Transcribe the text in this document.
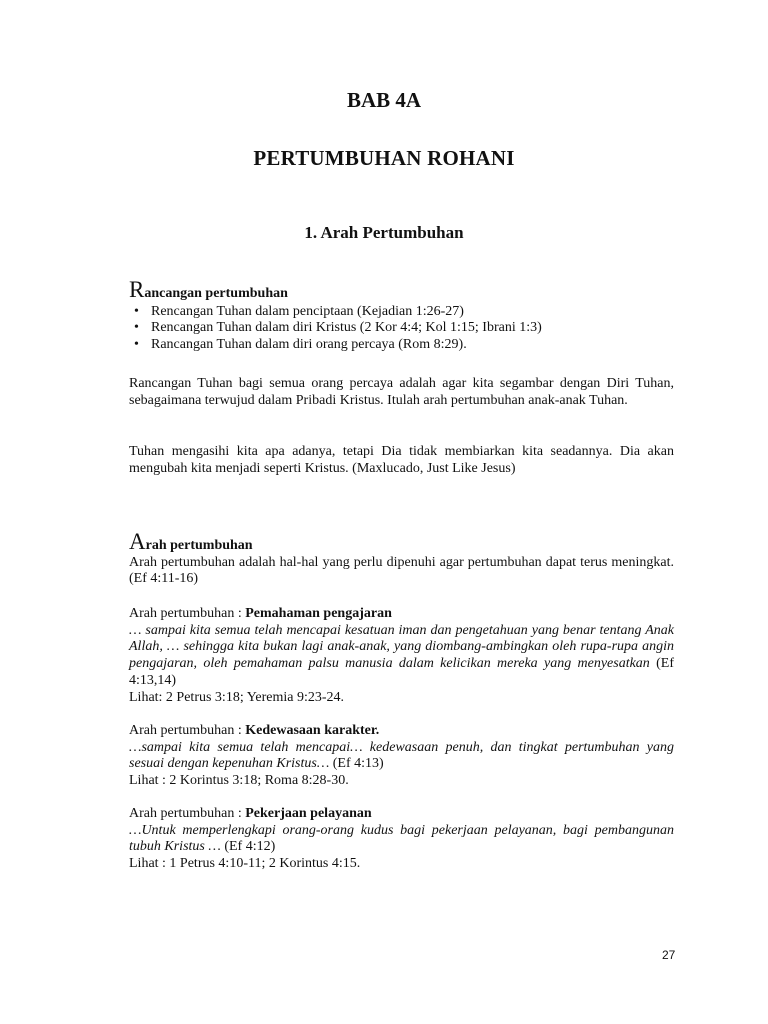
BAB 4A
PERTUMBUHAN ROHANI
1. Arah Pertumbuhan
Rancangan pertumbuhan
• Rencangan Tuhan dalam penciptaan (Kejadian 1:26-27)
• Rencangan Tuhan dalam diri Kristus (2 Kor 4:4; Kol 1:15; Ibrani 1:3)
• Rancangan Tuhan dalam diri orang percaya (Rom 8:29).

Rancangan Tuhan bagi semua orang percaya adalah agar kita segambar dengan Diri Tuhan, sebagaimana terwujud dalam Pribadi Kristus. Itulah arah pertumbuhan anak-anak Tuhan.

Tuhan mengasihi kita apa adanya, tetapi Dia tidak membiarkan kita seadannya. Dia akan mengubah kita menjadi seperti Kristus. (Maxlucado, Just Like Jesus)

Arah pertumbuhan

Arah pertumbuhan adalah hal-hal yang perlu dipenuhi agar pertumbuhan dapat terus meningkat. (Ef 4:11-16)

Arah pertumbuhan : Pemahaman pengajaran

… sampai kita semua telah mencapai kesatuan iman dan pengetahuan yang benar tentang Anak Allah, … sehingga kita bukan lagi anak-anak, yang diombang-ambingkan oleh rupa-rupa angin pengajaran, oleh pemahaman palsu manusia dalam kelicikan mereka yang menyesatkan (Ef 4:13,14)

Lihat: 2 Petrus 3:18; Yeremia 9:23-24.
Arah pertumbuhan : Kedewasaan karakter.

…sampai kita semua telah mencapai… kedewasaan penuh, dan tingkat pertumbuhan yang sesuai dengan kepenuhan Kristus… (Ef 4:13)

Lihat : 2 Korintus 3:18; Roma 8:28-30.
Arah pertumbuhan : Pekerjaan pelayanan

…Untuk memperlengkapi orang-orang kudus bagi pekerjaan pelayanan, bagi pembangunan tubuh Kristus … (Ef 4:12)

Lihat : 1 Petrus 4:10-11; 2 Korintus 4:15.
27
